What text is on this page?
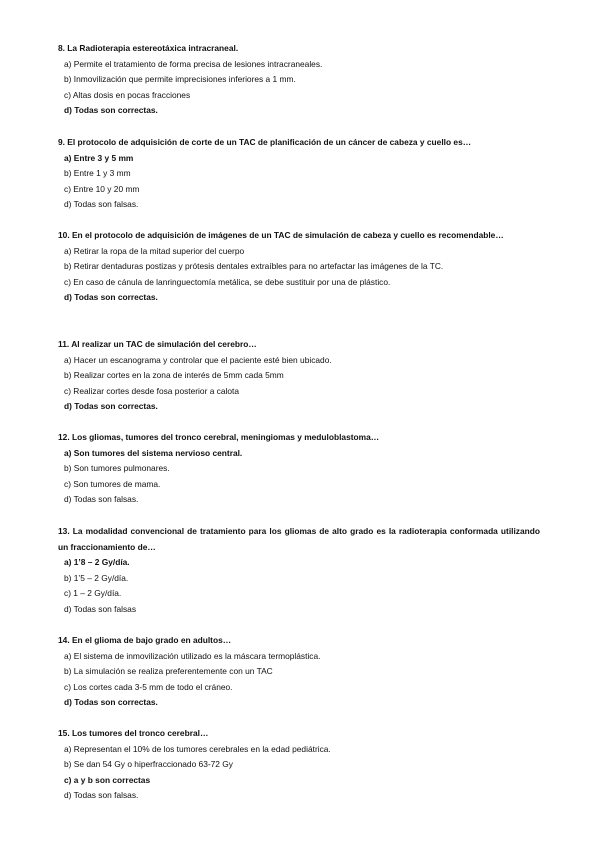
8. La Radioterapia estereotáxica intracraneal.

a) Permite el tratamiento de forma precisa de lesiones intracraneales.

b) Inmovilización que permite imprecisiones inferiores a 1 mm.

c) Altas dosis en pocas fracciones

d) Todas son correctas.

9. El protocolo de adquisición de corte de un TAC de planificación de un cáncer de cabeza y cuello es…

a) Entre 3 y 5 mm

b) Entre 1 y 3 mm

c) Entre 10 y 20 mm

d) Todas son falsas.

10. En el protocolo de adquisición de imágenes de un TAC de simulación de cabeza y cuello es recomendable…

a) Retirar la ropa de la mitad superior del cuerpo

b) Retirar dentaduras postizas y prótesis dentales extraíbles para no artefactar las imágenes de la TC.

c) En caso de cánula de lanringuectomía metálica, se debe sustituir por una de plástico.

d) Todas son correctas.

11. Al realizar un TAC de simulación del cerebro…

a) Hacer un escanograma y controlar que el paciente esté bien ubicado.

b) Realizar cortes en la zona de interés de 5mm cada 5mm

c) Realizar cortes desde fosa posterior a calota

d) Todas son correctas.

12. Los gliomas, tumores del tronco cerebral, meningiomas y meduloblastoma…

a) Son tumores del sistema nervioso central.

b) Son tumores pulmonares.

c) Son tumores de mama.

d) Todas son falsas.

13. La modalidad convencional de tratamiento para los gliomas de alto grado es la radioterapia conformada utilizando un fraccionamiento de…

a) 1’8 – 2 Gy/día.

b) 1’5 – 2 Gy/día.

c) 1 – 2 Gy/día.

d) Todas son falsas

14. En el glioma de bajo grado en adultos…

a) El sistema de inmovilización utilizado es la máscara termoplástica.

b) La simulación se realiza preferentemente con un TAC

c) Los cortes cada 3-5 mm de todo el cráneo.

d) Todas son correctas.

15. Los tumores del tronco cerebral…

a) Representan el 10% de los tumores cerebrales en la edad pediátrica.

b) Se dan 54 Gy o hiperfraccionado 63-72 Gy

c) a y b son correctas

d) Todas son falsas.
